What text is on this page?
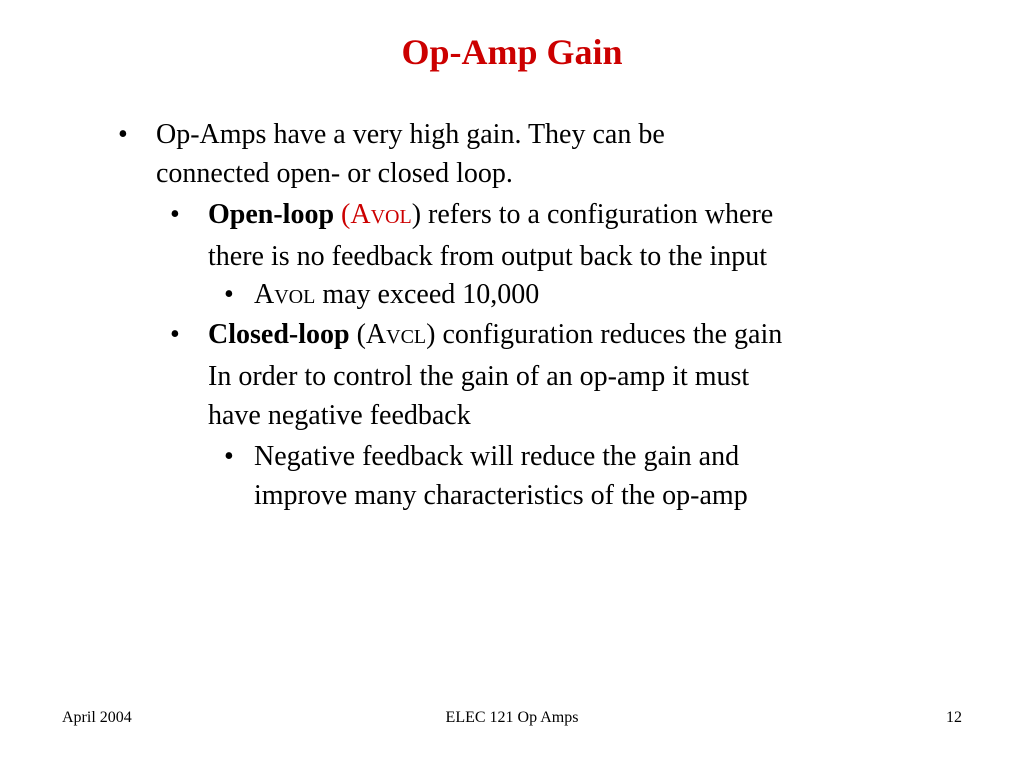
Op-Amp Gain
• Op-Amps have a very high gain. They can be
connected open- or closed loop.
• Open-loop (AVOL) refers to a configuration where
there is no feedback from output back to the input
• AVOL may exceed 10,000
• Closed-loop (AVCL) configuration reduces the gain
In order to control the gain of an op-amp it must
have negative feedback
• Negative feedback will reduce the gain and
improve many characteristics of the op-amp
April 2004	ELEC 121 Op Amps	12
